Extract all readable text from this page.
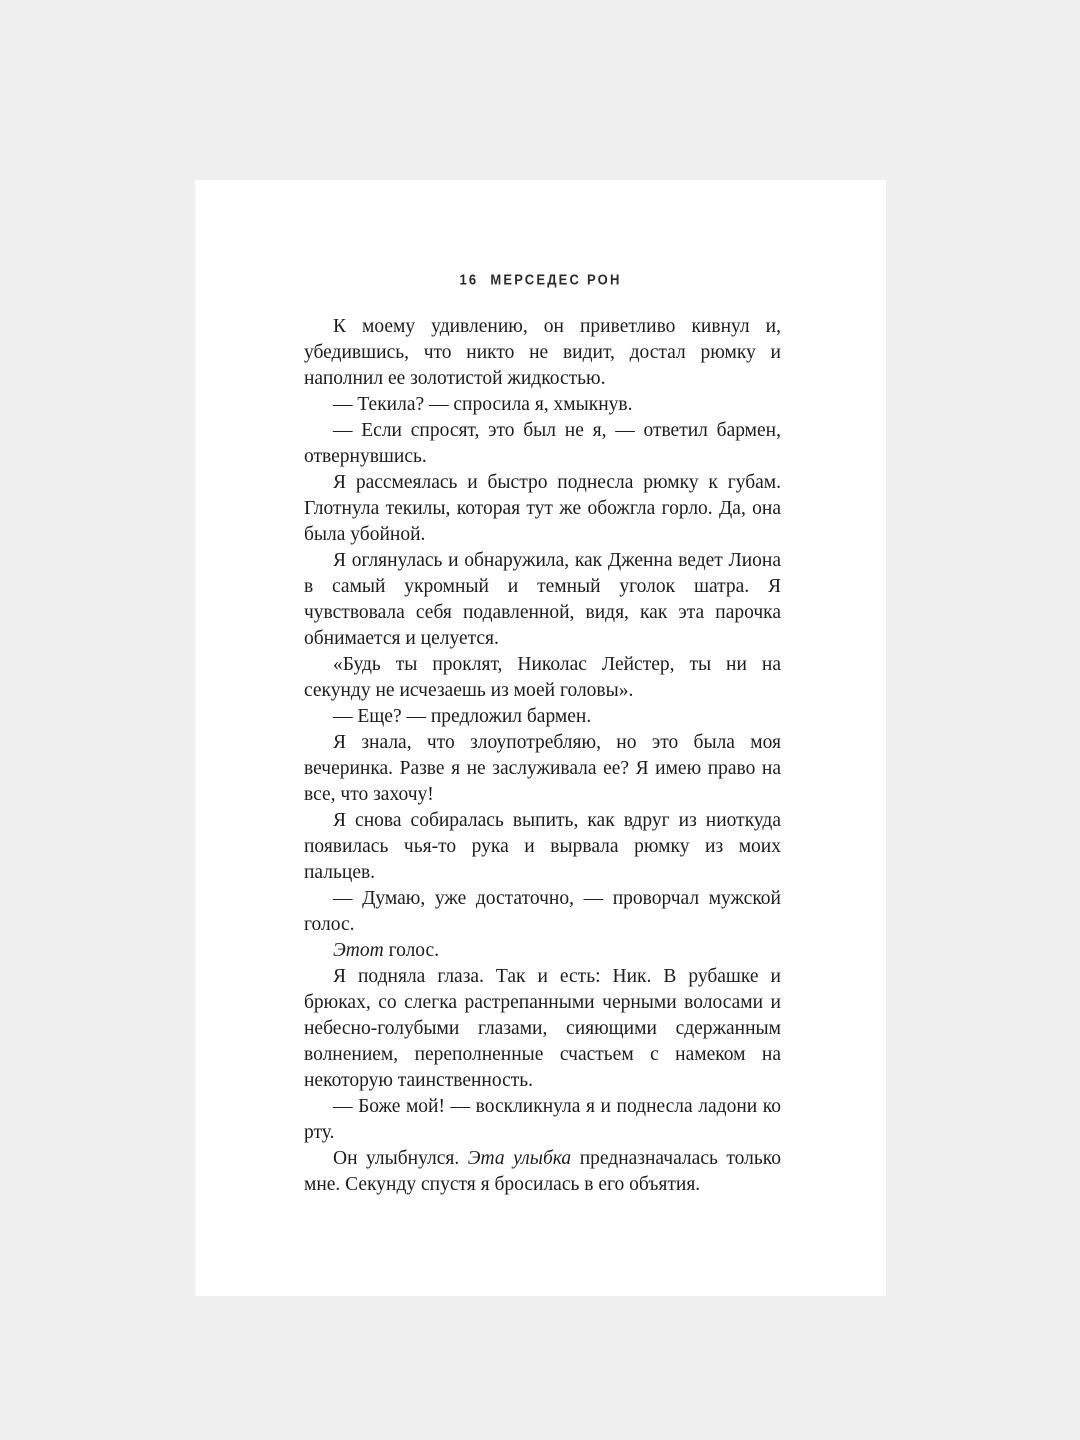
16 МЕРСЕДЕС РОН

К моему удивлению, он приветливо кивнул и, убедившись, что никто не видит, достал рюмку и наполнил ее золотистой жидкостью.

— Текила? — спросила я, хмыкнув.

— Если спросят, это был не я, — ответил бармен, отвернувшись.

Я рассмеялась и быстро поднесла рюмку к губам. Глотнула текилы, которая тут же обожгла горло. Да, она была убойной.

Я оглянулась и обнаружила, как Дженна ведет Лиона в самый укромный и темный уголок шатра. Я чувствовала себя подавленной, видя, как эта парочка обнимается и целуется.

«Будь ты проклят, Николас Лейстер, ты ни на секунду не исчезаешь из моей головы».

— Еще? — предложил бармен.

Я знала, что злоупотребляю, но это была моя вечеринка. Разве я не заслуживала ее? Я имею право на все, что захочу!

Я снова собиралась выпить, как вдруг из ниоткуда появилась чья-то рука и вырвала рюмку из моих пальцев.

— Думаю, уже достаточно, — проворчал мужской голос.

Этот голос.

Я подняла глаза. Так и есть: Ник. В рубашке и брюках, со слегка растрепанными черными волосами и небесно-голубыми глазами, сияющими сдержанным волнением, переполненные счастьем с намеком на некоторую таинственность.

— Боже мой! — воскликнула я и поднесла ладони ко рту.

Он улыбнулся. Эта улыбка предназначалась только мне. Секунду спустя я бросилась в его объятия.
